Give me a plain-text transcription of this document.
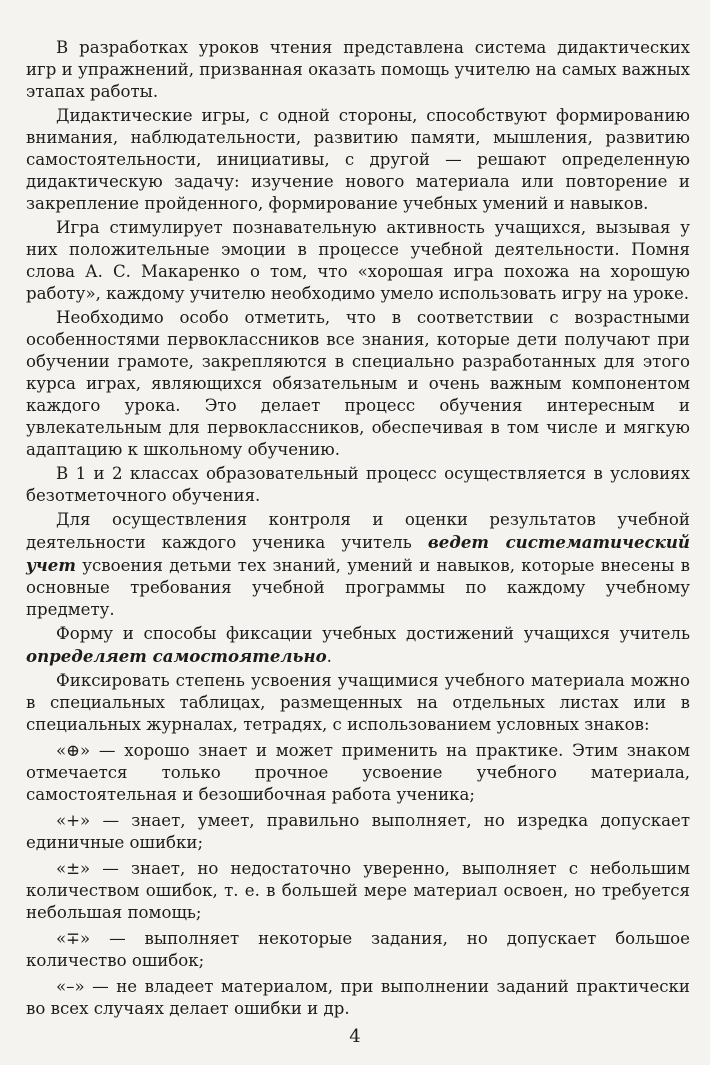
В разработках уроков чтения представлена система дидактических игр и упражнений, призванная оказать помощь учителю на самых важных этапах работы.

Дидактические игры, с одной стороны, способствуют формированию внимания, наблюдательности, развитию памяти, мышления, развитию самостоятельности, инициативы, с другой — решают определенную дидактическую задачу: изучение нового материала или повторение и закрепление пройденного, формирование учебных умений и навыков.

Игра стимулирует познавательную активность учащихся, вызывая у них положительные эмоции в процессе учебной деятельности. Помня слова А. С. Макаренко о том, что «хорошая игра похожа на хорошую работу», каждому учителю необходимо умело использовать игру на уроке.

Необходимо особо отметить, что в соответствии с возрастными особенностями первоклассников все знания, которые дети получают при обучении грамоте, закрепляются в специально разработанных для этого курса играх, являющихся обязательным и очень важным компонентом каждого урока. Это делает процесс обучения интересным и увлекательным для первоклассников, обеспечивая в том числе и мягкую адаптацию к школьному обучению.

В 1 и 2 классах образовательный процесс осуществляется в условиях безотметочного обучения.

Для осуществления контроля и оценки результатов учебной деятельности каждого ученика учитель ведет систематический учет усвоения детьми тех знаний, умений и навыков, которые внесены в основные требования учебной программы по каждому учебному предмету.

Форму и способы фиксации учебных достижений учащихся учитель определяет самостоятельно.

Фиксировать степень усвоения учащимися учебного материала можно в специальных таблицах, размещенных на отдельных листах или в специальных журналах, тетрадях, с использованием условных знаков:

«⊕» — хорошо знает и может применить на практике. Этим знаком отмечается только прочное усвоение учебного материала, самостоятельная и безошибочная работа ученика;

«+» — знает, умеет, правильно выполняет, но изредка допускает единичные ошибки;

«±» — знает, но недостаточно уверенно, выполняет с небольшим количеством ошибок, т. е. в большей мере материал освоен, но требуется небольшая помощь;

«∓» — выполняет некоторые задания, но допускает большое количество ошибок;

«–» — не владеет материалом, при выполнении заданий практически во всех случаях делает ошибки и др.

4
